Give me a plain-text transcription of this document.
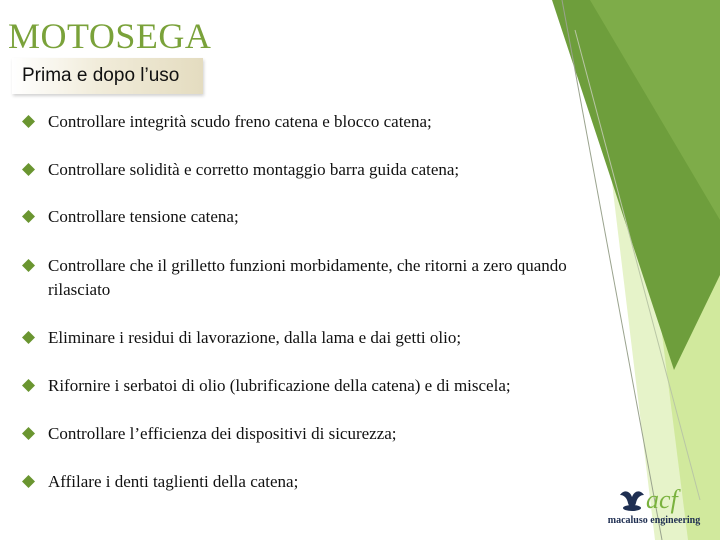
MOTOSEGA
Prima e dopo l’uso
Controllare integrità scudo freno catena e blocco catena;
Controllare solidità e corretto montaggio barra guida catena;
Controllare tensione catena;
Controllare che il grilletto funzioni morbidamente, che ritorni a zero quando rilasciato
Eliminare i residui di lavorazione, dalla lama e dai getti olio;
Rifornire i serbatoi di olio (lubrificazione della catena) e di miscela;
Controllare l’efficienza dei dispositivi di sicurezza;
Affilare i denti taglienti della catena;
acf
macaluso engineering
